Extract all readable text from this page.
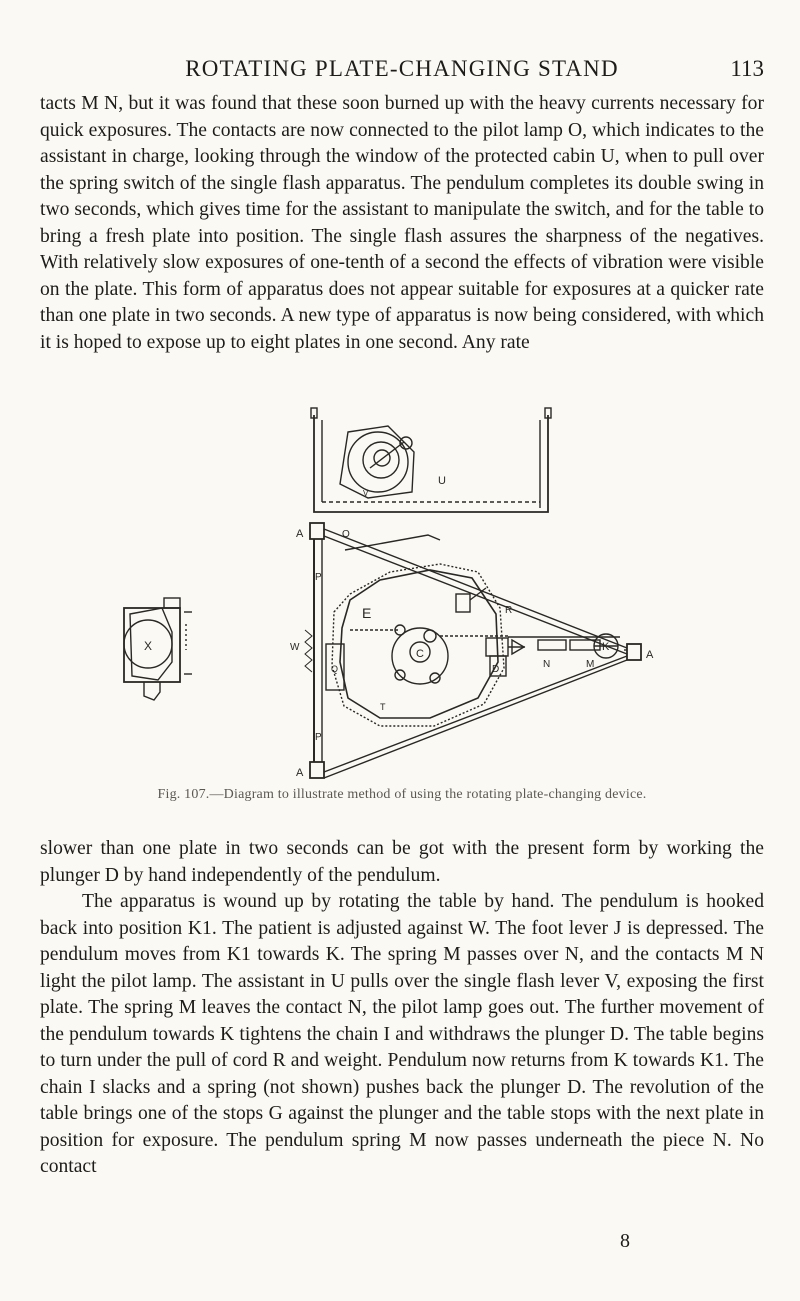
ROTATING PLATE-CHANGING STAND	113

tacts M N, but it was found that these soon burned up with the heavy currents necessary for quick exposures. The contacts are now connected to the pilot lamp O, which indicates to the assistant in charge, looking through the window of the protected cabin U, when to pull over the spring switch of the single flash apparatus. The pendulum completes its double swing in two seconds, which gives time for the assistant to manipulate the switch, and for the table to bring a fresh plate into position. The single flash assures the sharpness of the negatives. With relatively slow exposures of one-tenth of a second the effects of vibration were visible on the plate. This form of apparatus does not appear suitable for exposures at a quicker rate than one plate in two seconds. A new type of apparatus is now being considered, with which it is hoped to expose up to eight plates in one second. Any rate

U
V
A	O
P
E	R
W
C
Q	D	N	M
K
A
T
P
A
X
Fig. 107.—Diagram to illustrate method of using the rotating plate-changing device.

slower than one plate in two seconds can be got with the present form by working the plunger D by hand independently of the pendulum.

The apparatus is wound up by rotating the table by hand. The pendulum is hooked back into position K1. The patient is adjusted against W. The foot lever J is depressed. The pendulum moves from K1 towards K. The spring M passes over N, and the contacts M N light the pilot lamp. The assistant in U pulls over the single flash lever V, exposing the first plate. The spring M leaves the contact N, the pilot lamp goes out. The further movement of the pendulum towards K tightens the chain I and withdraws the plunger D. The table begins to turn under the pull of cord R and weight. Pendulum now returns from K towards K1. The chain I slacks and a spring (not shown) pushes back the plunger D. The revolution of the table brings one of the stops G against the plunger and the table stops with the next plate in position for exposure. The pendulum spring M now passes underneath the piece N. No contact

8
